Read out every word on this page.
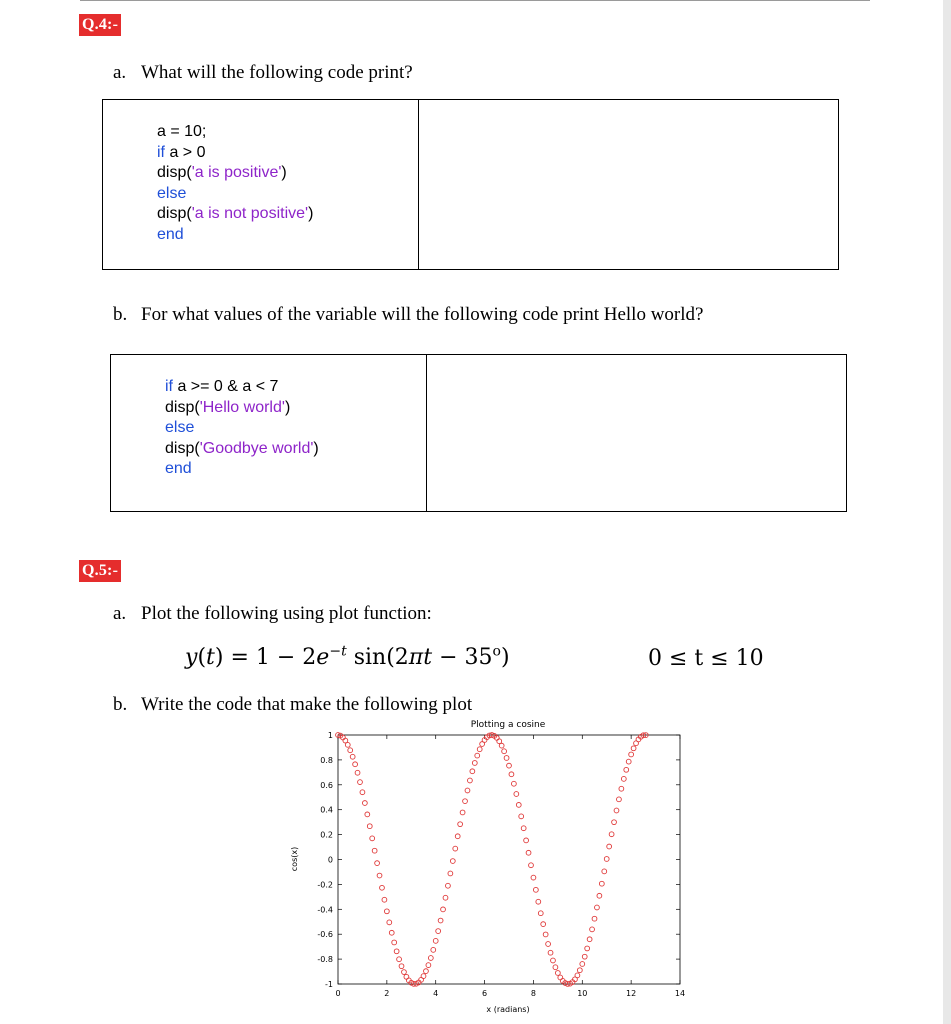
Q.4:-
a. What will the following code print?
a = 10;
if a > 0
disp('a is positive')
else
disp('a is not positive')
end
b. For what values of the variable will the following code print Hello world?
if a >= 0 & a < 7
disp('Hello world')
else
disp('Goodbye world')
end
Q.5:-
a. Plot the following using plot function:
$y(t) = 1 - 2e^{-t}$ $\sin(2\pi t - 35^o)$	0 ≤ t ≤ 10
b. Write the code that make the following plot
Plotting a cosine
0	2	4	6	8	10	12	14
1
0.8
0.6
0.4
0.2
0
-0.2
-0.4
-0.6
-0.8
-1
x (radians)
cos(x)
